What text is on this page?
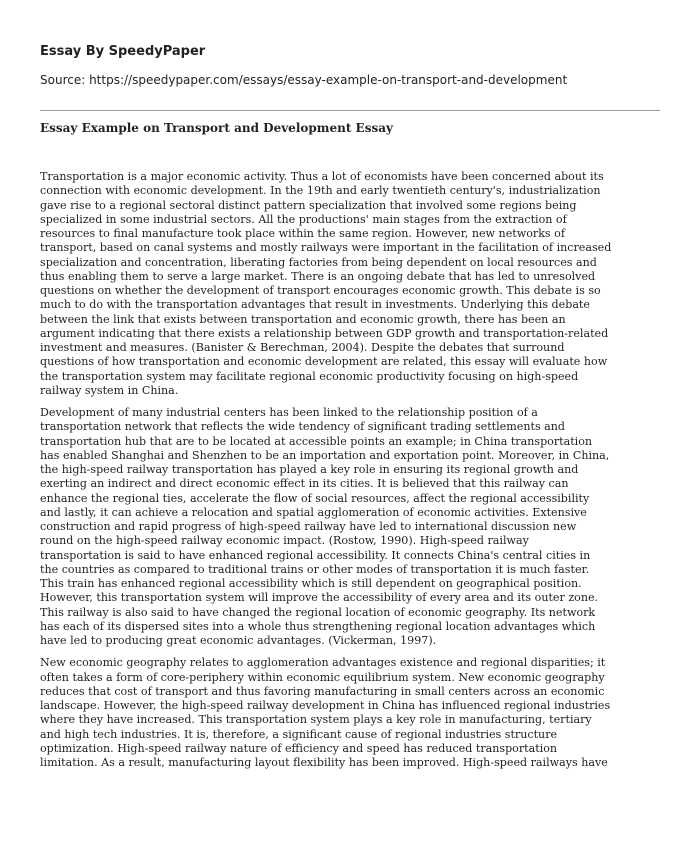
Essay By SpeedyPaper
Source: https://speedypaper.com/essays/essay-example-on-transport-and-development
Essay Example on Transport and Development Essay

Transportation is a major economic activity. Thus a lot of economists have been concerned about its
connection with economic development. In the 19th and early twentieth century's, industrialization
gave rise to a regional sectoral distinct pattern specialization that involved some regions being
specialized in some industrial sectors. All the productions' main stages from the extraction of
resources to final manufacture took place within the same region. However, new networks of
transport, based on canal systems and mostly railways were important in the facilitation of increased
specialization and concentration, liberating factories from being dependent on local resources and
thus enabling them to serve a large market. There is an ongoing debate that has led to unresolved
questions on whether the development of transport encourages economic growth. This debate is so
much to do with the transportation advantages that result in investments. Underlying this debate
between the link that exists between transportation and economic growth, there has been an
argument indicating that there exists a relationship between GDP growth and transportation-related
investment and measures. (Banister & Berechman, 2004). Despite the debates that surround
questions of how transportation and economic development are related, this essay will evaluate how
the transportation system may facilitate regional economic productivity focusing on high-speed
railway system in China.

Development of many industrial centers has been linked to the relationship position of a
transportation network that reflects the wide tendency of significant trading settlements and
transportation hub that are to be located at accessible points an example; in China transportation
has enabled Shanghai and Shenzhen to be an importation and exportation point. Moreover, in China,
the high-speed railway transportation has played a key role in ensuring its regional growth and
exerting an indirect and direct economic effect in its cities. It is believed that this railway can
enhance the regional ties, accelerate the flow of social resources, affect the regional accessibility
and lastly, it can achieve a relocation and spatial agglomeration of economic activities. Extensive
construction and rapid progress of high-speed railway have led to international discussion new
round on the high-speed railway economic impact. (Rostow, 1990). High-speed railway
transportation is said to have enhanced regional accessibility. It connects China's central cities in
the countries as compared to traditional trains or other modes of transportation it is much faster.
This train has enhanced regional accessibility which is still dependent on geographical position.
However, this transportation system will improve the accessibility of every area and its outer zone.
This railway is also said to have changed the regional location of economic geography. Its network
has each of its dispersed sites into a whole thus strengthening regional location advantages which
have led to producing great economic advantages. (Vickerman, 1997).

New economic geography relates to agglomeration advantages existence and regional disparities; it
often takes a form of core-periphery within economic equilibrium system. New economic geography
reduces that cost of transport and thus favoring manufacturing in small centers across an economic
landscape. However, the high-speed railway development in China has influenced regional industries
where they have increased. This transportation system plays a key role in manufacturing, tertiary
and high tech industries. It is, therefore, a significant cause of regional industries structure
optimization. High-speed railway nature of efficiency and speed has reduced transportation
limitation. As a result, manufacturing layout flexibility has been improved. High-speed railways have
